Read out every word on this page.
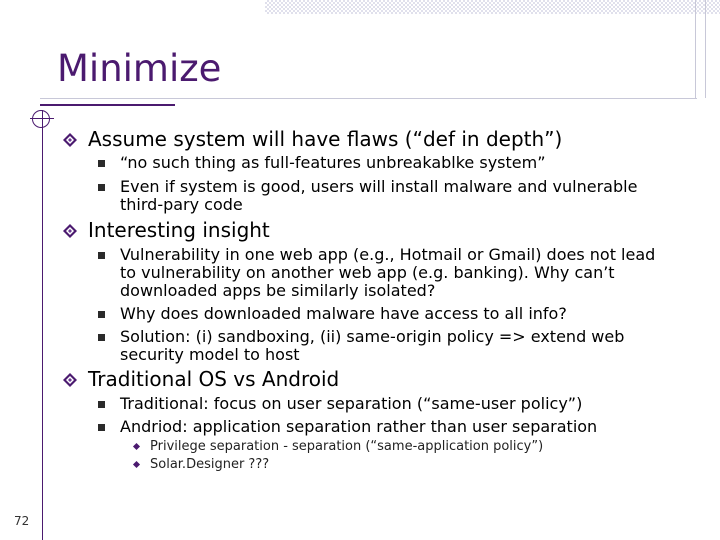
Minimize
Assume system will have flaws (“def in depth”)
“no such thing as full-features unbreakablke system”
Even if system is good, users will install malware and vulnerable third-pary code
Interesting insight
Vulnerability in one web app (e.g., Hotmail or Gmail) does not lead to vulnerability on another web app (e.g. banking). Why can’t downloaded apps be similarly isolated?
Why does downloaded malware have access to all info?
Solution: (i) sandboxing, (ii) same-origin policy => extend web security model to host
Traditional OS vs Android
Traditional: focus on user separation (“same-user policy”)
Andriod: application separation rather than user separation
Privilege separation - separation (“same-application policy”)
Solar.Designer ???
72
